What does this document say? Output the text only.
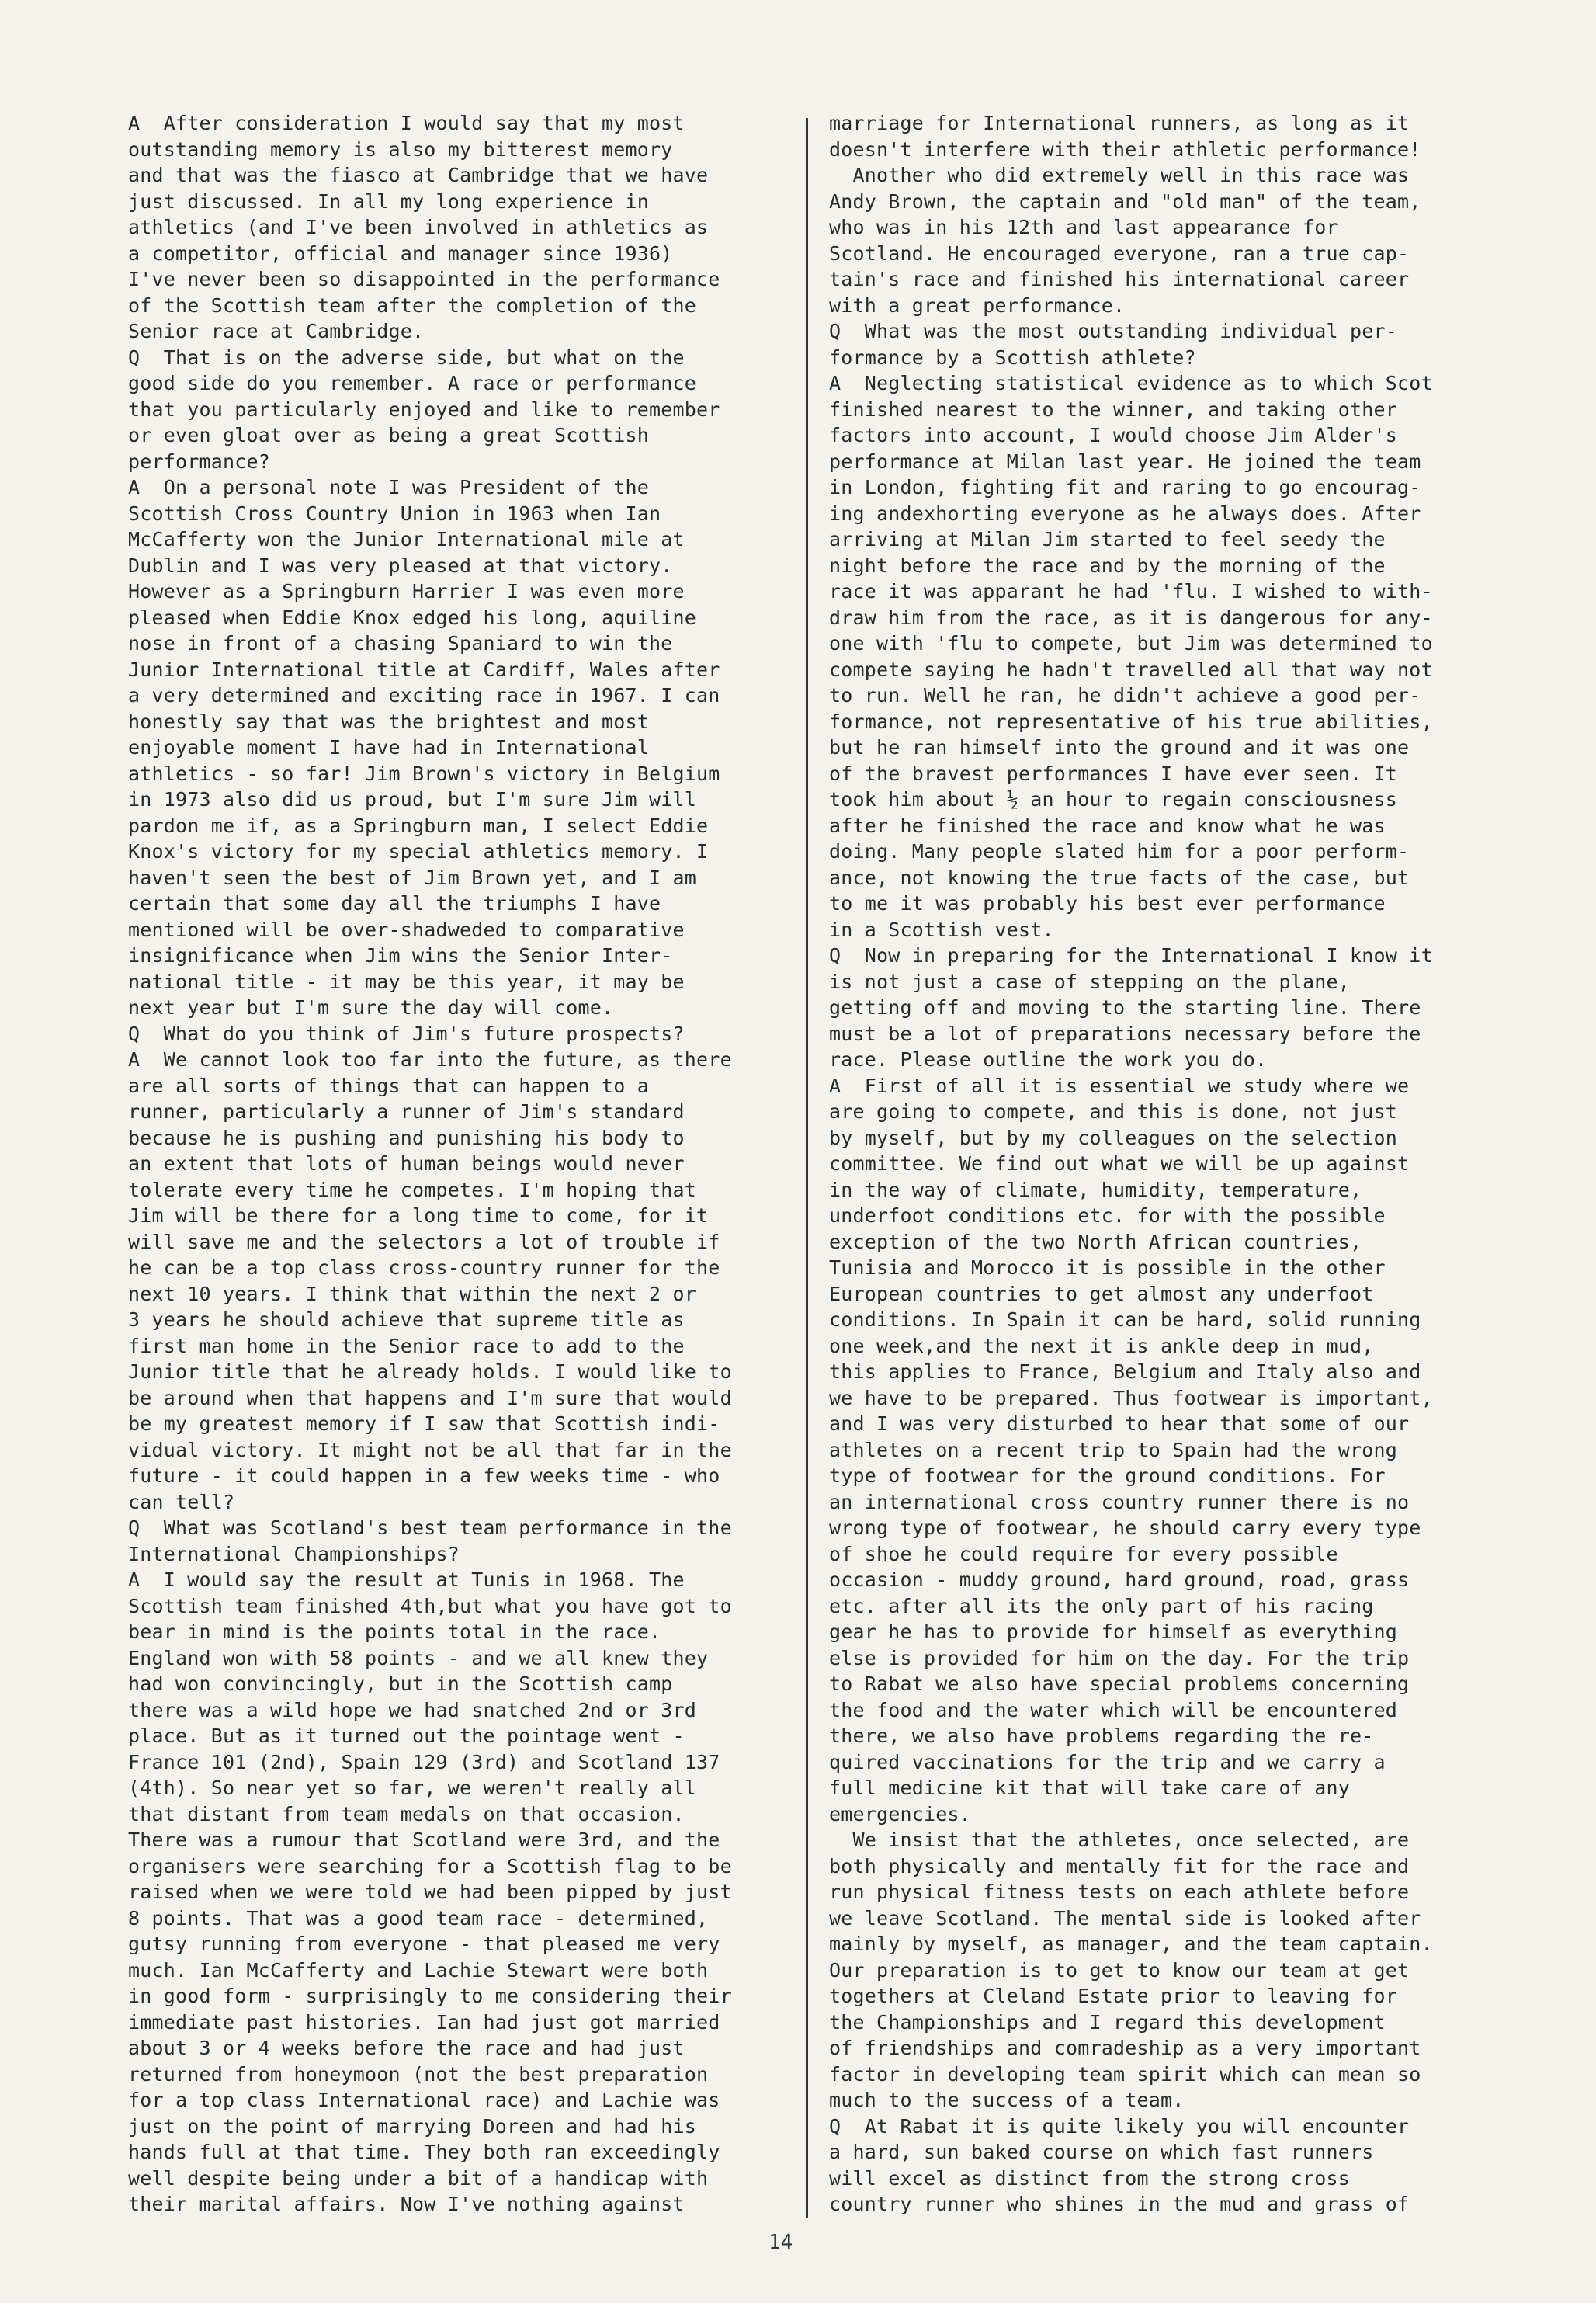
A  After consideration I would say that my most
outstanding memory is also my bitterest memory
and that was the fiasco at Cambridge that we have
just discussed. In all my long experience in
athletics (and I've been involved in athletics as
a competitor, official and manager since 1936)
I've never been so disappointed in the performance
of the Scottish team after the completion of the
Senior race at Cambridge.
Q  That is on the adverse side, but what on the
good side do you remember. A race or performance
that you particularly enjoyed and like to remember
or even gloat over as being a great Scottish
performance?
A  On a personal note I was President of the
Scottish Cross Country Union in 1963 when Ian
McCafferty won the Junior International mile at
Dublin and I was very pleased at that victory.
However as a Springburn Harrier I was even more
pleased when Eddie Knox edged his long, aquiline
nose in front of a chasing Spaniard to win the
Junior International title at Cardiff, Wales after
a very determined and exciting race in 1967. I can
honestly say that was the brightest and most
enjoyable moment I have had in International
athletics - so far! Jim Brown's victory in Belgium
in 1973 also did us proud, but I'm sure Jim will
pardon me if, as a Springburn man, I select Eddie
Knox's victory for my special athletics memory. I
haven't seen the best of Jim Brown yet, and I am
certain that some day all the triumphs I have
mentioned will be over-shadweded to comparative
insignificance when Jim wins the Senior Inter-
national title - it may be this year, it may be
next year but I'm sure the day will come.
Q  What do you think of Jim's future prospects?
A  We cannot look too far into the future, as there
are all sorts of things that can happen to a
runner, particularly a runner of Jim's standard
because he is pushing and punishing his body to
an extent that lots of human beings would never
tolerate every time he competes. I'm hoping that
Jim will be there for a long time to come, for it
will save me and the selectors a lot of trouble if
he can be a top class cross-country runner for the
next 10 years. I think that within the next 2 or
3 years he should achieve that supreme title as
first man home in the Senior race to add to the
Junior title that he already holds. I would like to
be around when that happens and I'm sure that would
be my greatest memory if I saw that Scottish indi-
vidual victory. It might not be all that far in the
future - it could happen in a few weeks time - who
can tell?
Q  What was Scotland's best team performance in the
International Championships?
A  I would say the result at Tunis in 1968. The
Scottish team finished 4th,but what you have got to
bear in mind is the points total in the race.
England won with 58 points - and we all knew they
had won convincingly, but in the Scottish camp
there was a wild hope we had snatched 2nd or 3rd
place. But as it turned out the pointage went -
France 101 (2nd), Spain 129 (3rd) and Scotland 137
(4th). So near yet so far, we weren't really all
that distant from team medals on that occasion.
There was a rumour that Scotland were 3rd, and the
organisers were searching for a Scottish flag to be
raised when we were told we had been pipped by just
8 points. That was a good team race - determined,
gutsy running from everyone - that pleased me very
much. Ian McCafferty and Lachie Stewart were both
in good form - surprisingly to me considering their
immediate past histories. Ian had just got married
about 3 or 4 weeks before the race and had just
returned from honeymoon (not the best preparation
for a top class International race) and Lachie was
just on the point of marrying Doreen and had his
hands full at that time. They both ran exceedingly
well despite being under a bit of a handicap with
their marital affairs. Now I've nothing against
marriage for International runners, as long as it
doesn't interfere with their athletic performance!
Another who did extremely well in this race was
Andy Brown, the captain and "old man" of the team,
who was in his 12th and last appearance for
Scotland. He encouraged everyone, ran a true cap-
tain's race and finished his international career
with a great performance.
Q  What was the most outstanding individual per-
formance by a Scottish athlete?
A  Neglecting statistical evidence as to which Scot
finished nearest to the winner, and taking other
factors into account, I would choose Jim Alder's
performance at Milan last year. He joined the team
in London, fighting fit and raring to go encourag-
ing andexhorting everyone as he always does. After
arriving at Milan Jim started to feel seedy the
night before the race and by the morning of the
race it was apparant he had 'flu. I wished to with-
draw him from the race, as it is dangerous for any-
one with 'flu to compete, but Jim was determined to
compete saying he hadn't travelled all that way not
to run. Well he ran, he didn't achieve a good per-
formance, not representative of his true abilities,
but he ran himself into the ground and it was one
of the bravest performances I have ever seen. It
took him about ½ an hour to regain consciousness
after he finished the race and know what he was
doing. Many people slated him for a poor perform-
ance, not knowing the true facts of the case, but
to me it was probably his best ever performance
in a Scottish vest.
Q  Now in preparing for the International I know it
is not just a case of stepping on the plane,
getting off and moving to the starting line. There
must be a lot of preparations necessary before the
race. Please outline the work you do.
A  First of all it is essential we study where we
are going to compete, and this is done, not just
by myself, but by my colleagues on the selection
committee. We find out what we will be up against
in the way of climate, humidity, temperature,
underfoot conditions etc. for with the possible
exception of the two North African countries,
Tunisia and Morocco it is possible in the other
European countries to get almost any underfoot
conditions. In Spain it can be hard, solid running
one week,and the next it is ankle deep in mud,
this applies to France, Belgium and Italy also and
we have to be prepared. Thus footwear is important,
and I was very disturbed to hear that some of our
athletes on a recent trip to Spain had the wrong
type of footwear for the ground conditions. For
an international cross country runner there is no
wrong type of footwear, he should carry every type
of shoe he could require for every possible
occasion - muddy ground, hard ground, road, grass
etc. after all its the only part of his racing
gear he has to provide for himself as everything
else is provided for him on the day. For the trip
to Rabat we also have special problems concerning
the food and the water which will be encountered
there, we also have problems regarding the re-
quired vaccinations for the trip and we carry a
full medicine kit that will take care of any
emergencies.
We insist that the athletes, once selected, are
both physically and mentally fit for the race and
run physical fitness tests on each athlete before
we leave Scotland. The mental side is looked after
mainly by myself, as manager, and the team captain.
Our preparation is to get to know our team at get
togethers at Cleland Estate prior to leaving for
the Championships and I regard this development
of friendships and comradeship as a very important
factor in developing team spirit which can mean so
much to the success of a team.
Q  At Rabat it is quite likely you will encounter
a hard, sun baked course on which fast runners
will excel as distinct from the strong cross
country runner who shines in the mud and grass of
14
